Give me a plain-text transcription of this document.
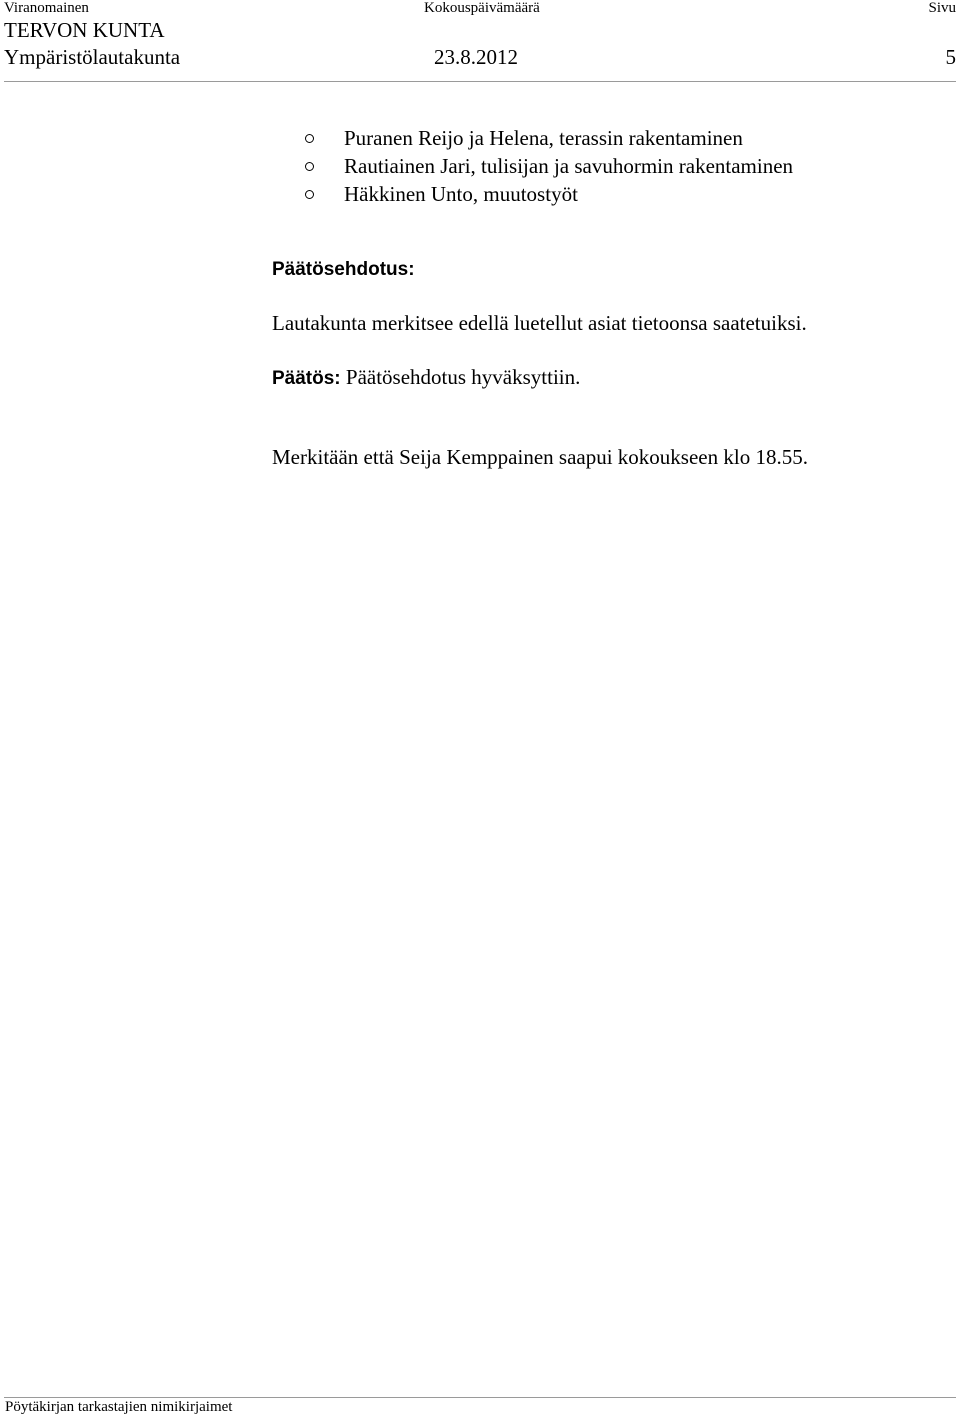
Viranomainen	Kokouspäivämäärä	Sivu
TERVON KUNTA
Ympäristölautakunta	23.8.2012	5
Puranen Reijo ja Helena, terassin rakentaminen
Rautiainen Jari, tulisijan ja savuhormin rakentaminen
Häkkinen Unto, muutostyöt
Päätösehdotus:
Lautakunta merkitsee edellä luetellut asiat tietoonsa saatetuiksi.
Päätös: Päätösehdotus hyväksyttiin.
Merkitään että Seija Kemppainen saapui kokoukseen klo 18.55.
Pöytäkirjan tarkastajien nimikirjaimet
